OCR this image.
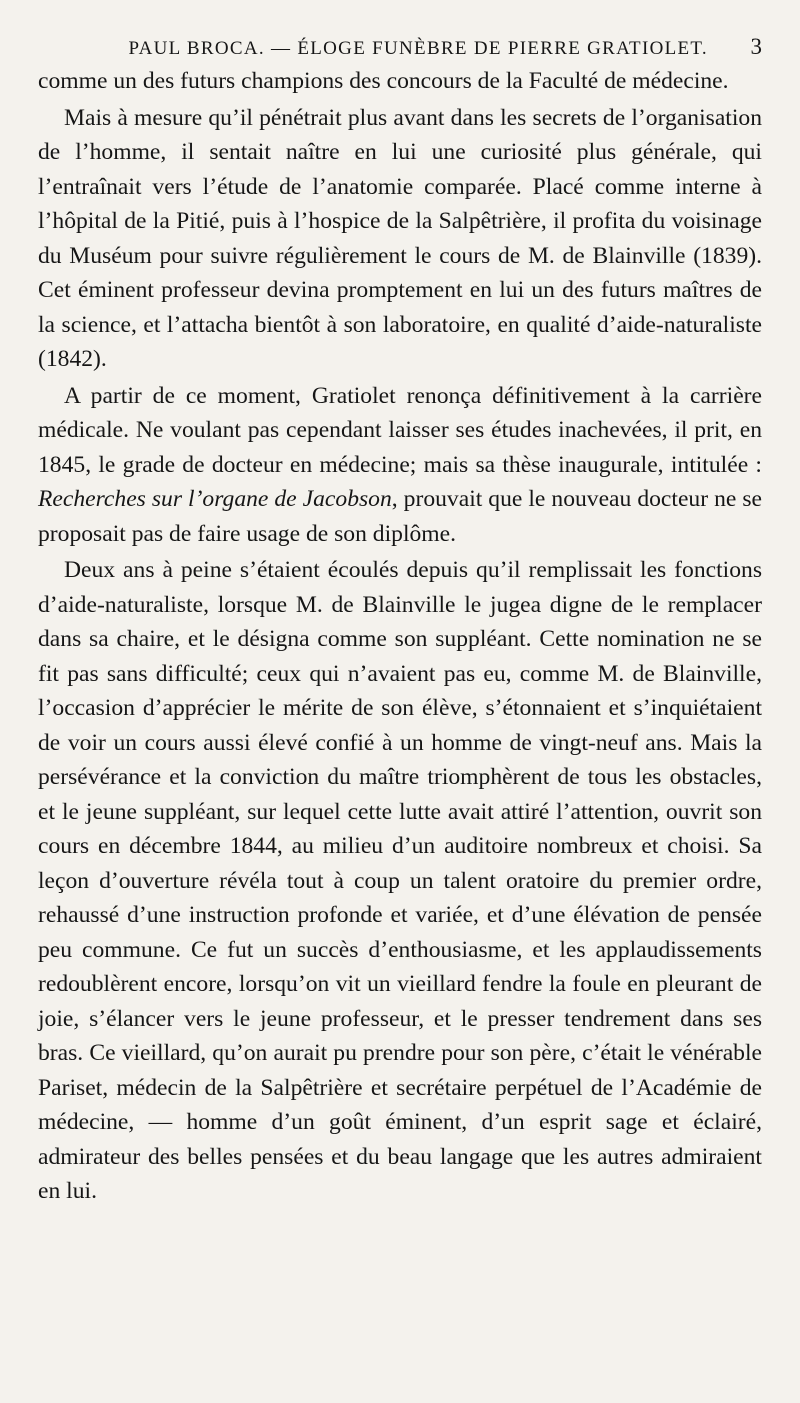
PAUL BROCA. — ÉLOGE FUNÈBRE DE PIERRE GRATIOLET.	3

comme un des futurs champions des concours de la Faculté de médecine.

Mais à mesure qu’il pénétrait plus avant dans les secrets de l’organisation de l’homme, il sentait naître en lui une curiosité plus générale, qui l’entraînait vers l’étude de l’anatomie comparée. Placé comme interne à l’hôpital de la Pitié, puis à l’hospice de la Salpêtrière, il profita du voisinage du Muséum pour suivre régulièrement le cours de M. de Blainville (1839). Cet éminent professeur devina promptement en lui un des futurs maîtres de la science, et l’attacha bientôt à son laboratoire, en qualité d’aide-naturaliste (1842).

A partir de ce moment, Gratiolet renonça définitivement à la carrière médicale. Ne voulant pas cependant laisser ses études inachevées, il prit, en 1845, le grade de docteur en médecine; mais sa thèse inaugurale, intitulée : Recherches sur l’organe de Jacobson, prouvait que le nouveau docteur ne se proposait pas de faire usage de son diplôme.

Deux ans à peine s’étaient écoulés depuis qu’il remplissait les fonctions d’aide-naturaliste, lorsque M. de Blainville le jugea digne de le remplacer dans sa chaire, et le désigna comme son suppléant. Cette nomination ne se fit pas sans difficulté; ceux qui n’avaient pas eu, comme M. de Blainville, l’occasion d’apprécier le mérite de son élève, s’étonnaient et s’inquiétaient de voir un cours aussi élevé confié à un homme de vingt-neuf ans. Mais la persévérance et la conviction du maître triomphèrent de tous les obstacles, et le jeune suppléant, sur lequel cette lutte avait attiré l’attention, ouvrit son cours en décembre 1844, au milieu d’un auditoire nombreux et choisi. Sa leçon d’ouverture révéla tout à coup un talent oratoire du premier ordre, rehaussé d’une instruction profonde et variée, et d’une élévation de pensée peu commune. Ce fut un succès d’enthousiasme, et les applaudissements redoublèrent encore, lorsqu’on vit un vieillard fendre la foule en pleurant de joie, s’élancer vers le jeune professeur, et le presser tendrement dans ses bras. Ce vieillard, qu’on aurait pu prendre pour son père, c’était le vénérable Pariset, médecin de la Salpêtrière et secrétaire perpétuel de l’Académie de médecine, — homme d’un goût éminent, d’un esprit sage et éclairé, admirateur des belles pensées et du beau langage que les autres admiraient en lui.
